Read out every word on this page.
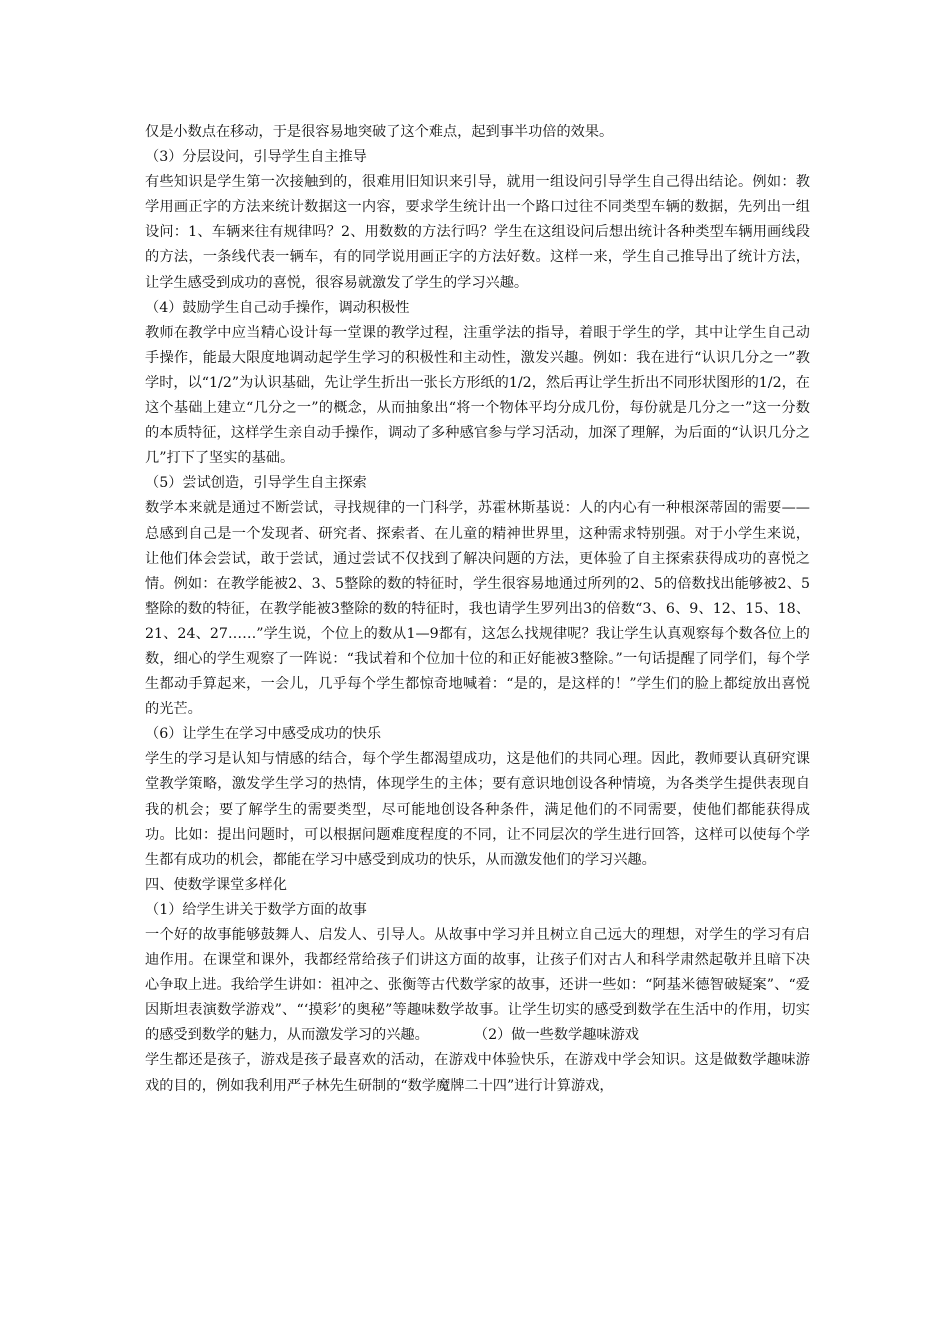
仅是小数点在移动，于是很容易地突破了这个难点，起到事半功倍的效果。

（3）分层设问，引导学生自主推导

有些知识是学生第一次接触到的，很难用旧知识来引导，就用一组设问引导学生自己得出结论。例如：教学用画正字的方法来统计数据这一内容，要求学生统计出一个路口过往不同类型车辆的数据，先列出一组设问：1、车辆来往有规律吗？2、用数数的方法行吗？学生在这组设问后想出统计各种类型车辆用画线段的方法，一条线代表一辆车，有的同学说用画正字的方法好数。这样一来，学生自己推导出了统计方法，让学生感受到成功的喜悦，很容易就激发了学生的学习兴趣。

（4）鼓励学生自己动手操作，调动积极性

教师在教学中应当精心设计每一堂课的教学过程，注重学法的指导，着眼于学生的学，其中让学生自己动手操作，能最大限度地调动起学生学习的积极性和主动性，激发兴趣。例如：我在进行“认识几分之一”教学时，以“1/2”为认识基础，先让学生折出一张长方形纸的1/2，然后再让学生折出不同形状图形的1/2，在这个基础上建立“几分之一”的概念，从而抽象出“将一个物体平均分成几份，每份就是几分之一”这一分数的本质特征，这样学生亲自动手操作，调动了多种感官参与学习活动，加深了理解，为后面的“认识几分之几”打下了坚实的基础。

（5）尝试创造，引导学生自主探索

数学本来就是通过不断尝试，寻找规律的一门科学，苏霍林斯基说：人的内心有一种根深蒂固的需要——总感到自己是一个发现者、研究者、探索者、在儿童的精神世界里，这种需求特别强。对于小学生来说，让他们体会尝试，敢于尝试，通过尝试不仅找到了解决问题的方法，更体验了自主探索获得成功的喜悦之情。例如：在教学能被2、3、5整除的数的特征时，学生很容易地通过所列的2、5的倍数找出能够被2、5整除的数的特征，在教学能被3整除的数的特征时，我也请学生罗列出3的倍数“3、6、9、12、15、18、21、24、27……”学生说，个位上的数从1—9都有，这怎么找规律呢？我让学生认真观察每个数各位上的数，细心的学生观察了一阵说：“我试着和个位加十位的和正好能被3整除。”一句话提醒了同学们，每个学生都动手算起来，一会儿，几乎每个学生都惊奇地喊着：“是的，是这样的！”学生们的脸上都绽放出喜悦的光芒。

（6）让学生在学习中感受成功的快乐

学生的学习是认知与情感的结合，每个学生都渴望成功，这是他们的共同心理。因此，教师要认真研究课堂教学策略，激发学生学习的热情，体现学生的主体；要有意识地创设各种情境，为各类学生提供表现自我的机会；要了解学生的需要类型，尽可能地创设各种条件，满足他们的不同需要，使他们都能获得成功。比如：提出问题时，可以根据问题难度程度的不同，让不同层次的学生进行回答，这样可以使每个学生都有成功的机会，都能在学习中感受到成功的快乐，从而激发他们的学习兴趣。

四、使数学课堂多样化

（1）给学生讲关于数学方面的故事

一个好的故事能够鼓舞人、启发人、引导人。从故事中学习并且树立自己远大的理想，对学生的学习有启迪作用。在课堂和课外，我都经常给孩子们讲这方面的故事，让孩子们对古人和科学肃然起敬并且暗下决心争取上进。我给学生讲如：祖冲之、张衡等古代数学家的故事，还讲一些如：“阿基米德智破疑案”、“爱因斯坦表演数学游戏”、“‘摸彩’的奥秘”等趣味数学故事。让学生切实的感受到数学在生活中的作用，切实的感受到数学的魅力，从而激发学习的兴趣。	（2）做一些数学趣味游戏

学生都还是孩子，游戏是孩子最喜欢的活动，在游戏中体验快乐，在游戏中学会知识。这是做数学趣味游戏的目的，例如我利用严子林先生研制的“数学魔牌二十四”进行计算游戏，
